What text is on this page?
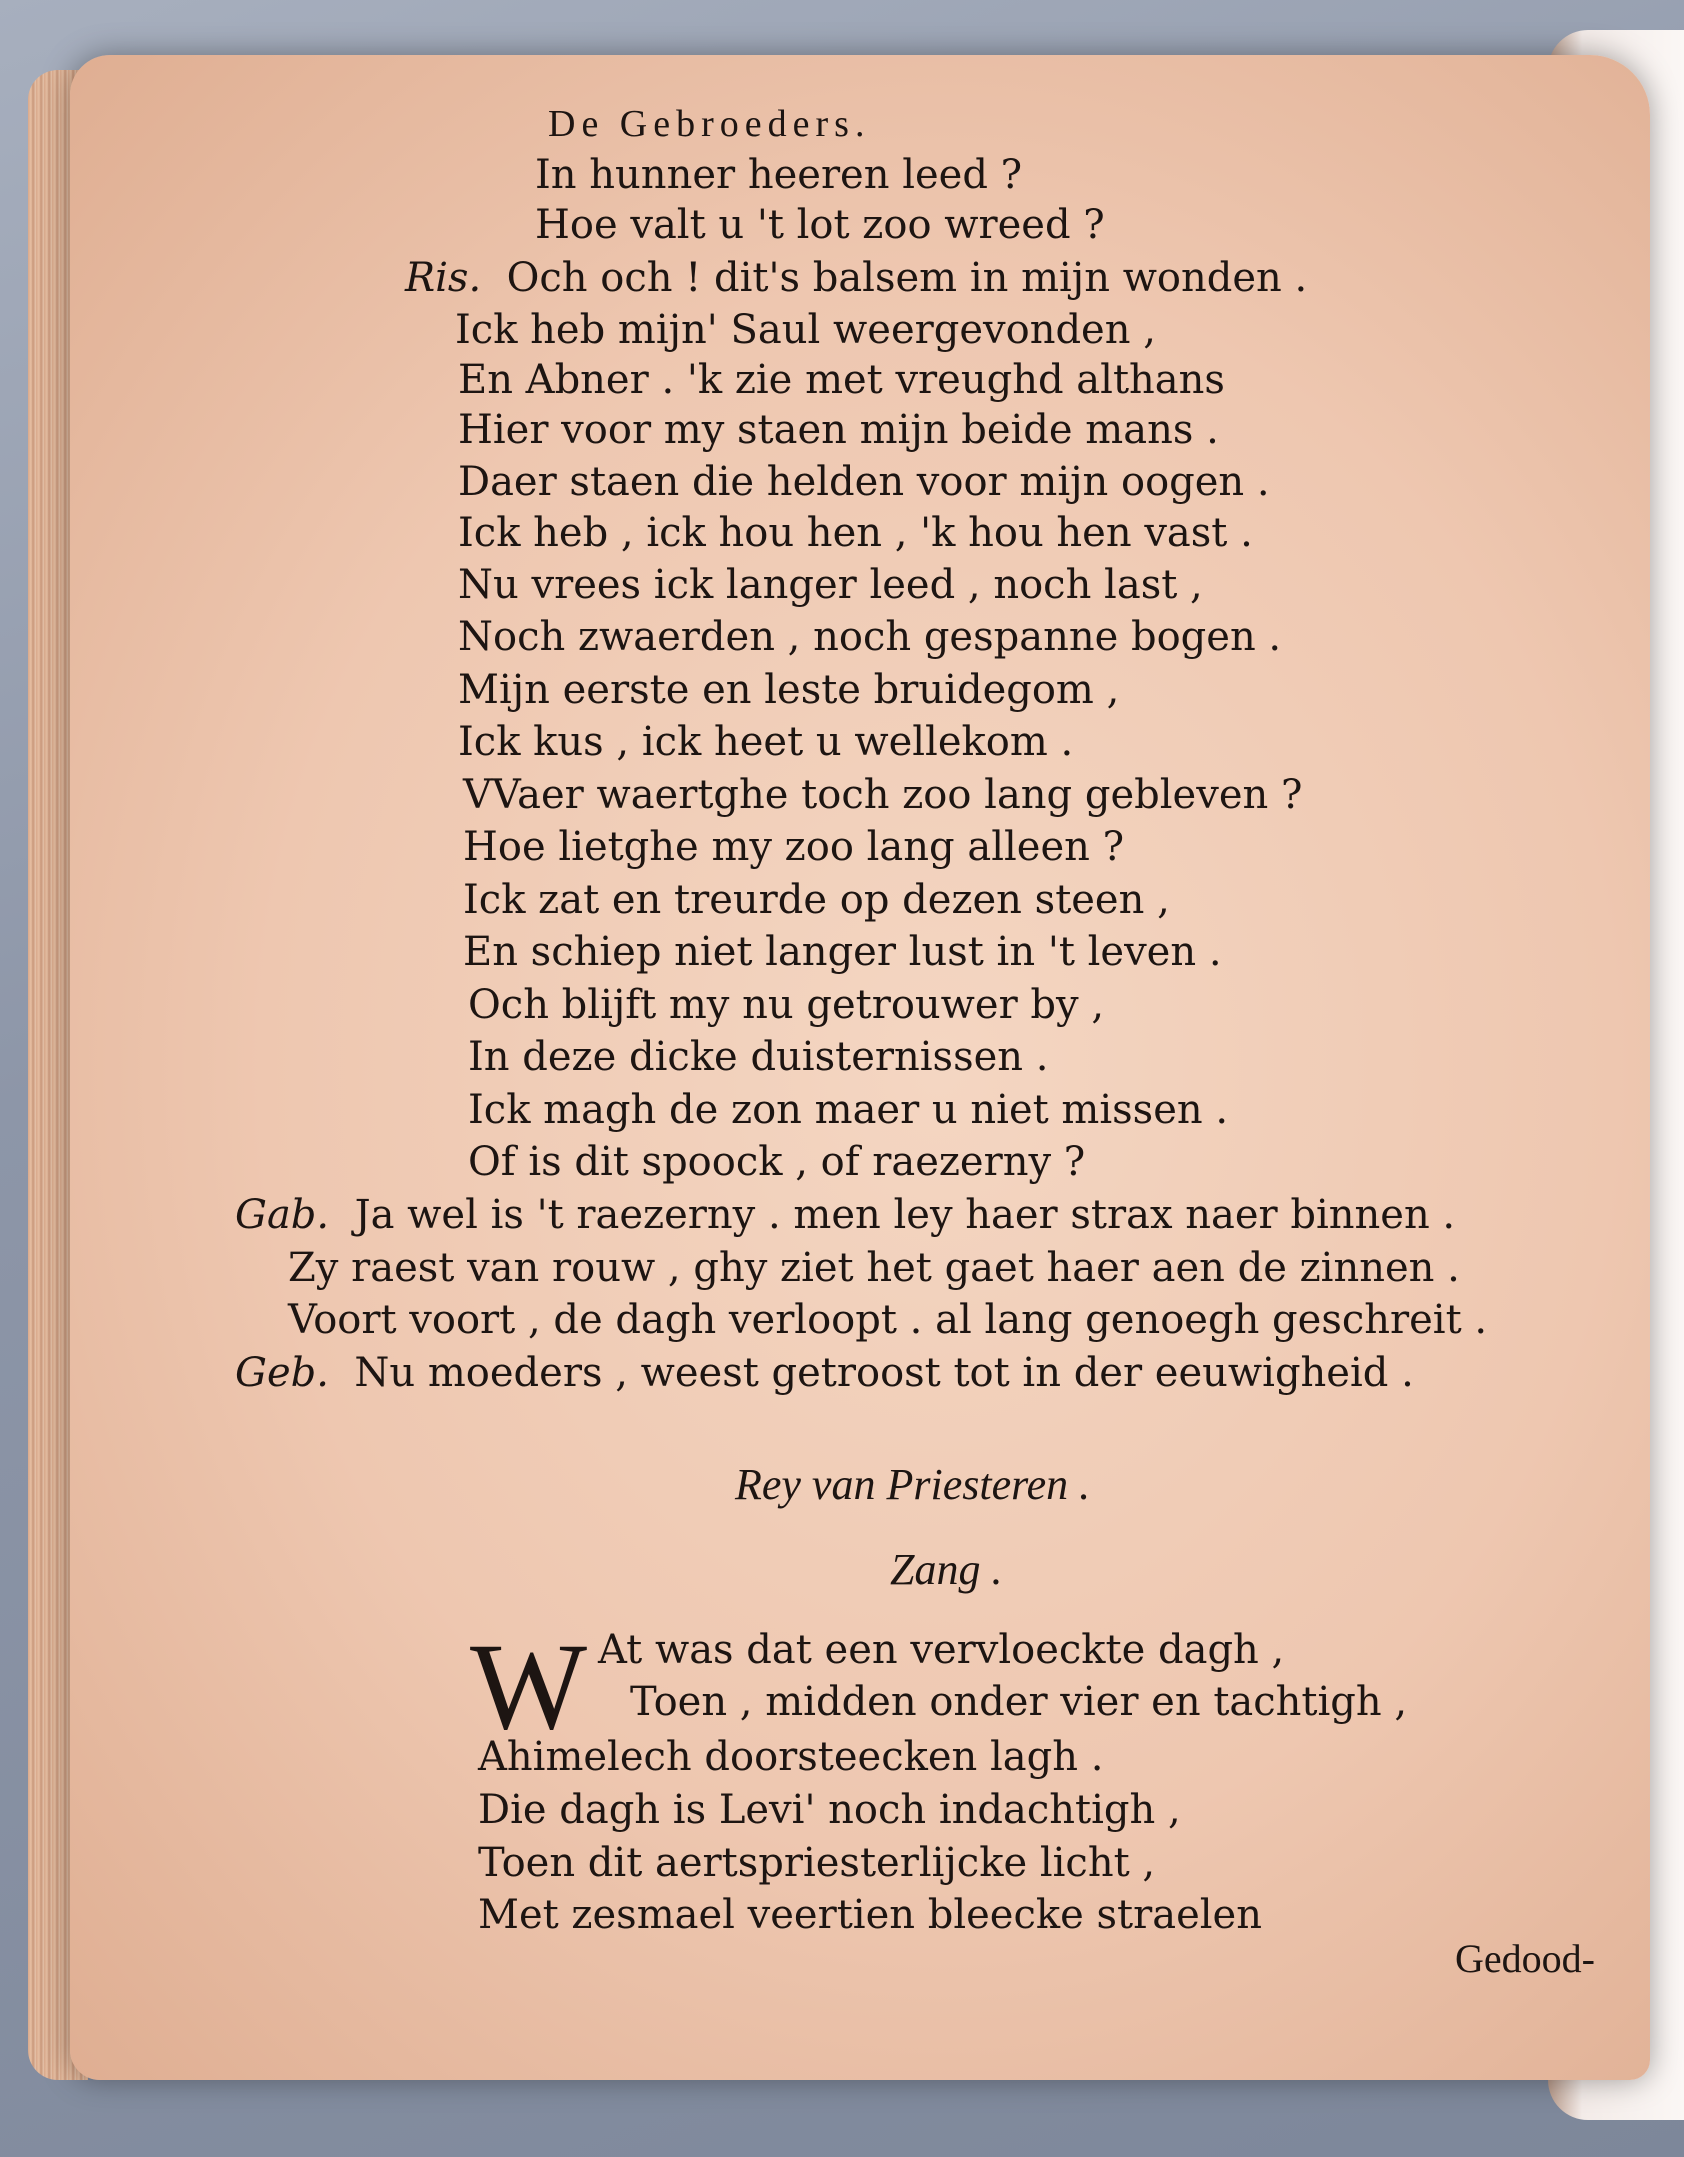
De Gebroeders.
In hunner heeren leed ?
Hoe valt u 't lot zoo wreed ?
Ris. Och och ! dit's balsem in mijn wonden .
Ick heb mijn' Saul weergevonden ,
En Abner . 'k zie met vreughd althans
Hier voor my staen mijn beide mans .
Daer staen die helden voor mijn oogen .
Ick heb , ick hou hen , 'k hou hen vast .
Nu vrees ick langer leed , noch last ,
Noch zwaerden , noch gespanne bogen .
Mijn eerste en leste bruidegom ,
Ick kus , ick heet u wellekom .
VVaer waertghe toch zoo lang gebleven ?
Hoe lietghe my zoo lang alleen ?
Ick zat en treurde op dezen steen ,
En schiep niet langer lust in 't leven .
Och blijft my nu getrouwer by ,
In deze dicke duisternissen .
Ick magh de zon maer u niet missen .
Of is dit spoock , of raezerny ?
Gab. Ja wel is 't raezerny . men ley haer strax naer binnen .
Zy raest van rouw , ghy ziet het gaet haer aen de zinnen .
Voort voort , de dagh verloopt . al lang genoegh geschreit .
Geb. Nu moeders , weest getroost tot in der eeuwigheid .
Rey van Priesteren .
Zang .
W At was dat een vervloeckte dagh ,
Toen , midden onder vier en tachtigh ,
Ahimelech doorsteecken lagh .
Die dagh is Levi' noch indachtigh ,
Toen dit aertspriesterlijcke licht ,
Met zesmael veertien bleecke straelen
Gedood-
